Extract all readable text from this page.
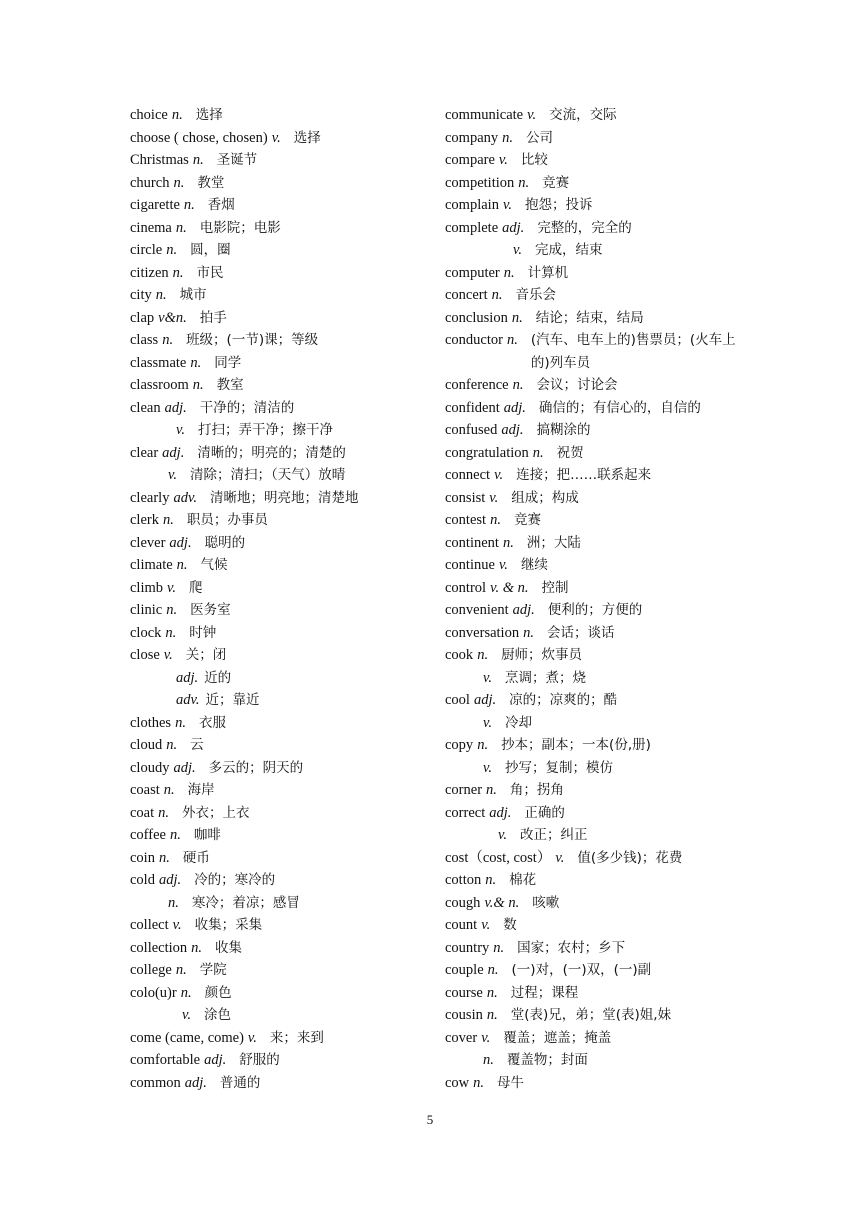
choice n. 选择
choose ( chose, chosen) v. 选择
Christmas n. 圣诞节
church n. 教堂
cigarette n. 香烟
cinema n. 电影院；电影
circle n. 圆，圈
citizen n. 市民
city n. 城市
clap v&n. 拍手
class n. 班级；(一节)课；等级
classmate n. 同学
classroom n. 教室
clean adj. 干净的；清洁的
v. 打扫；弄干净；擦干净
clear adj. 清晰的；明亮的；清楚的
v. 清除；清扫；（天气）放晴
clearly adv. 清晰地；明亮地；清楚地
clerk n. 职员；办事员
clever adj. 聪明的
climate n. 气候
climb v. 爬
clinic n. 医务室
clock n. 时钟
close v. 关；闭
adj. 近的
adv. 近；靠近
clothes n. 衣服
cloud n. 云
cloudy adj. 多云的；阴天的
coast n. 海岸
coat n. 外衣；上衣
coffee n. 咖啡
coin n. 硬币
cold adj. 冷的；寒冷的
n. 寒冷；着凉；感冒
collect v. 收集；采集
collection n. 收集
college n. 学院
colo(u)r n. 颜色
v. 涂色
come (came, come) v. 来；来到
comfortable adj. 舒服的
common adj. 普通的
communicate v. 交流，交际
company n. 公司
compare v. 比较
competition n. 竞赛
complain v. 抱怨；投诉
complete adj. 完整的，完全的
v. 完成，结束
computer n. 计算机
concert n. 音乐会
conclusion n. 结论；结束，结局
conductor n. (汽车、电车上的)售票员；(火车上的)列车员
conference n. 会议；讨论会
confident adj. 确信的；有信心的，自信的
confused adj. 搞糊涂的
congratulation n. 祝贺
connect v. 连接；把……联系起来
consist v. 组成；构成
contest n. 竞赛
continent n. 洲；大陆
continue v. 继续
control v. & n. 控制
convenient adj. 便利的；方便的
conversation n. 会话；谈话
cook n. 厨师；炊事员
v. 烹调；煮；烧
cool adj. 凉的；凉爽的；酷
v. 冷却
copy n. 抄本；副本；一本(份,册)
v. 抄写；复制；模仿
corner n. 角；拐角
correct adj. 正确的
v. 改正；纠正
cost（cost, cost） v. 值(多少钱)；花费
cotton n. 棉花
cough v.& n. 咳嗽
count v. 数
country n. 国家；农村；乡下
couple n. (一)对，(一)双，(一)副
course n. 过程；课程
cousin n. 堂(表)兄，弟；堂(表)姐,妹
cover v. 覆盖；遮盖；掩盖
n. 覆盖物；封面
cow n. 母牛
5
